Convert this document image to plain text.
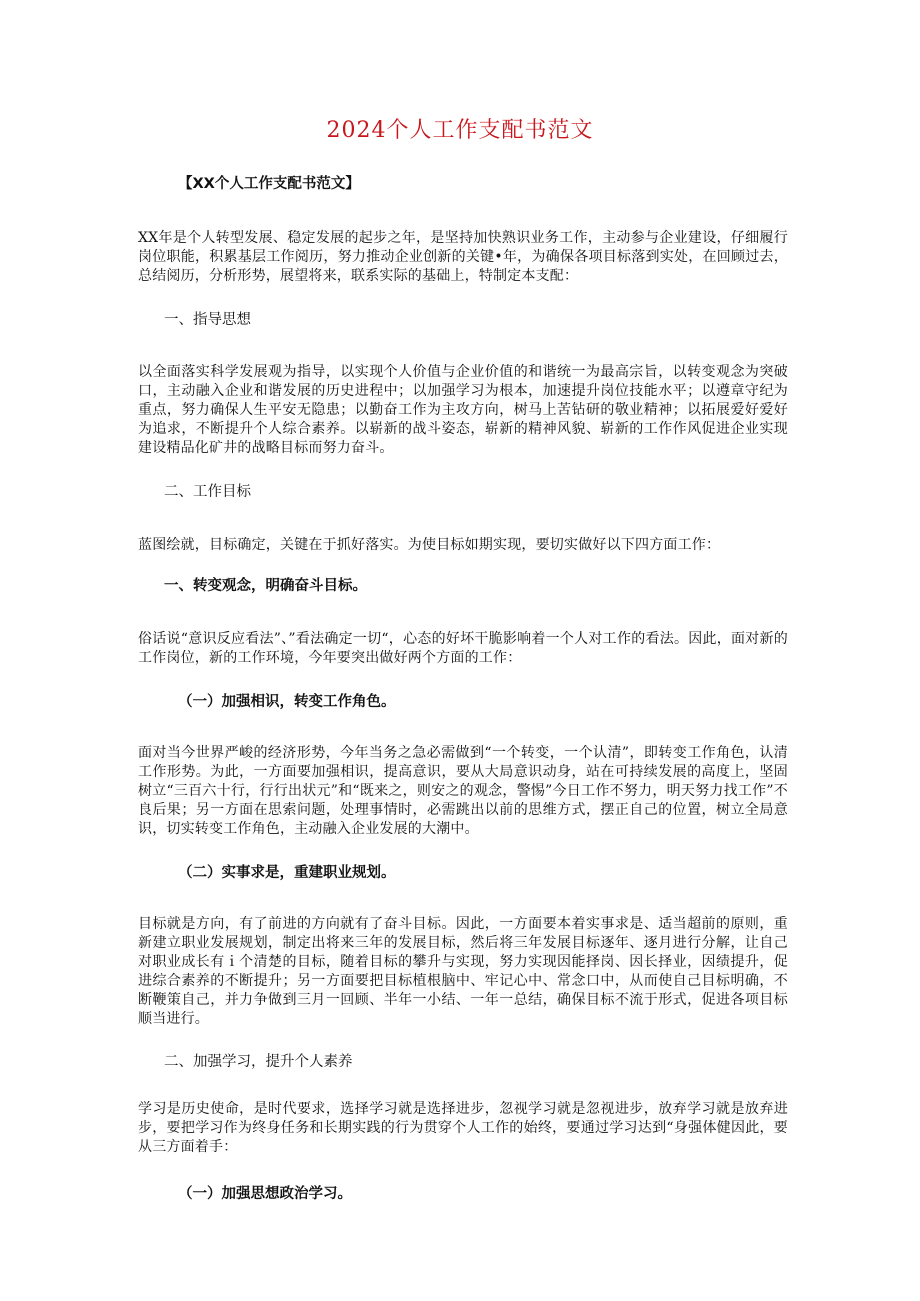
2024个人工作支配书范文

【XX个人工作支配书范文】

XX年是个人转型发展、稳定发展的起步之年，是坚持加快熟识业务工作，主动参与企业建设，仔细履行岗位职能，积累基层工作阅历，努力推动企业创新的关键•年，为确保各项目标落到实处，在回顾过去，总结阅历，分析形势，展望将来，联系实际的基础上，特制定本支配：

一、指导思想

以全面落实科学发展观为指导，以实现个人价值与企业价值的和谐统一为最高宗旨，以转变观念为突破口，主动融入企业和谐发展的历史进程中；以加强学习为根本，加速提升岗位技能水平；以遵章守纪为重点，努力确保人生平安无隐患；以勤奋工作为主攻方向，树马上苦钻研的敬业精神；以拓展爱好爱好为追求，不断提升个人综合素养。以崭新的战斗姿态，崭新的精神风貌、崭新的工作作风促进企业实现建设精品化矿井的战略目标而努力奋斗。

二、工作目标

蓝图绘就，目标确定，关键在于抓好落实。为使目标如期实现，要切实做好以下四方面工作：

一、转变观念，明确奋斗目标。

俗话说“意识反应看法”、”看法确定一切“，心态的好坏干脆影响着一个人对工作的看法。因此，面对新的工作岗位，新的工作环境，今年要突出做好两个方面的工作：

（一）加强相识，转变工作角色。

面对当今世界严峻的经济形势，今年当务之急必需做到“一个转变，一个认清”，即转变工作角色，认清工作形势。为此，一方面要加强相识，提高意识，要从大局意识动身，站在可持续发展的高度上，坚固树立“三百六十行，行行出状元”和“既来之，则安之的观念，警惕”今日工作不努力，明天努力找工作”不良后果；另一方面在思索问题，处理事情时，必需跳出以前的思维方式，摆正自己的位置，树立全局意识，切实转变工作角色，主动融入企业发展的大潮中。

（二）实事求是，重建职业规划。

目标就是方向，有了前进的方向就有了奋斗目标。因此，一方面要本着实事求是、适当超前的原则，重新建立职业发展规划，制定出将来三年的发展目标，然后将三年发展目标逐年、逐月进行分解，让自己对职业成长有ｉ个清楚的目标，随着目标的攀升与实现，努力实现因能择岗、因长择业，因绩提升，促进综合素养的不断提升；另一方面要把目标植根脑中、牢记心中、常念口中，从而使自己目标明确，不断鞭策自己，并力争做到三月一回顾、半年一小结、一年一总结，确保目标不流于形式，促进各项目标顺当进行。

二、加强学习，提升个人素养

学习是历史使命，是时代要求，选择学习就是选择进步，忽视学习就是忽视进步，放弃学习就是放弃进步，要把学习作为终身任务和长期实践的行为贯穿个人工作的始终，要通过学习达到“身强体健因此，要从三方面着手：

（一）加强思想政治学习。
